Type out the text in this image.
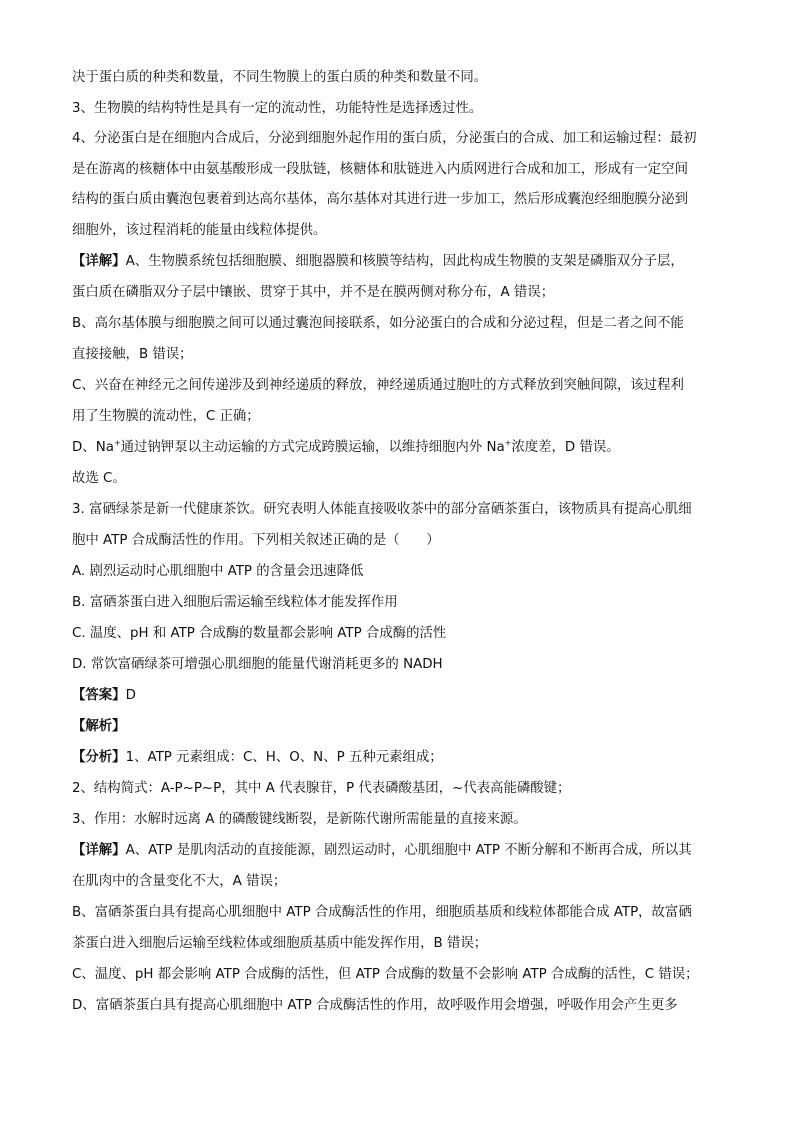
决于蛋白质的种类和数量，不同生物膜上的蛋白质的种类和数量不同。
3、生物膜的结构特性是具有一定的流动性，功能特性是选择透过性。
4、分泌蛋白是在细胞内合成后，分泌到细胞外起作用的蛋白质，分泌蛋白的合成、加工和运输过程：最初
是在游离的核糖体中由氨基酸形成一段肽链，核糖体和肽链进入内质网进行合成和加工，形成有一定空间
结构的蛋白质由囊泡包裹着到达高尔基体，高尔基体对其进行进一步加工，然后形成囊泡经细胞膜分泌到
细胞外，该过程消耗的能量由线粒体提供。
【详解】A、生物膜系统包括细胞膜、细胞器膜和核膜等结构，因此构成生物膜的支架是磷脂双分子层，
蛋白质在磷脂双分子层中镶嵌、贯穿于其中，并不是在膜两侧对称分布，A 错误；
B、高尔基体膜与细胞膜之间可以通过囊泡间接联系，如分泌蛋白的合成和分泌过程，但是二者之间不能
直接接触，B 错误；
C、兴奋在神经元之间传递涉及到神经递质的释放，神经递质通过胞吐的方式释放到突触间隙，该过程利
用了生物膜的流动性，C 正确；
D、Na+通过钠钾泵以主动运输的方式完成跨膜运输，以维持细胞内外 Na+浓度差，D 错误。
故选 C。
3. 富硒绿茶是新一代健康茶饮。研究表明人体能直接吸收茶中的部分富硒茶蛋白，该物质具有提高心肌细
胞中 ATP 合成酶活性的作用。下列相关叙述正确的是（　　）
A. 剧烈运动时心肌细胞中 ATP 的含量会迅速降低
B. 富硒茶蛋白进入细胞后需运输至线粒体才能发挥作用
C. 温度、pH 和 ATP 合成酶的数量都会影响 ATP 合成酶的活性
D. 常饮富硒绿茶可增强心肌细胞的能量代谢消耗更多的 NADH
【答案】D
【解析】
【分析】1、ATP 元素组成：C、H、O、N、P 五种元素组成；
2、结构简式：A-P~P~P，其中 A 代表腺苷，P 代表磷酸基团，~代表高能磷酸键；
3、作用：水解时远离 A 的磷酸键线断裂，是新陈代谢所需能量的直接来源。
【详解】A、ATP 是肌肉活动的直接能源，剧烈运动时，心肌细胞中 ATP 不断分解和不断再合成，所以其
在肌肉中的含量变化不大，A 错误；
B、富硒茶蛋白具有提高心肌细胞中 ATP 合成酶活性的作用，细胞质基质和线粒体都能合成 ATP，故富硒
茶蛋白进入细胞后运输至线粒体或细胞质基质中能发挥作用，B 错误；
C、温度、pH 都会影响 ATP 合成酶的活性，但 ATP 合成酶的数量不会影响 ATP 合成酶的活性，C 错误；
D、富硒茶蛋白具有提高心肌细胞中 ATP 合成酶活性的作用，故呼吸作用会增强，呼吸作用会产生更多
